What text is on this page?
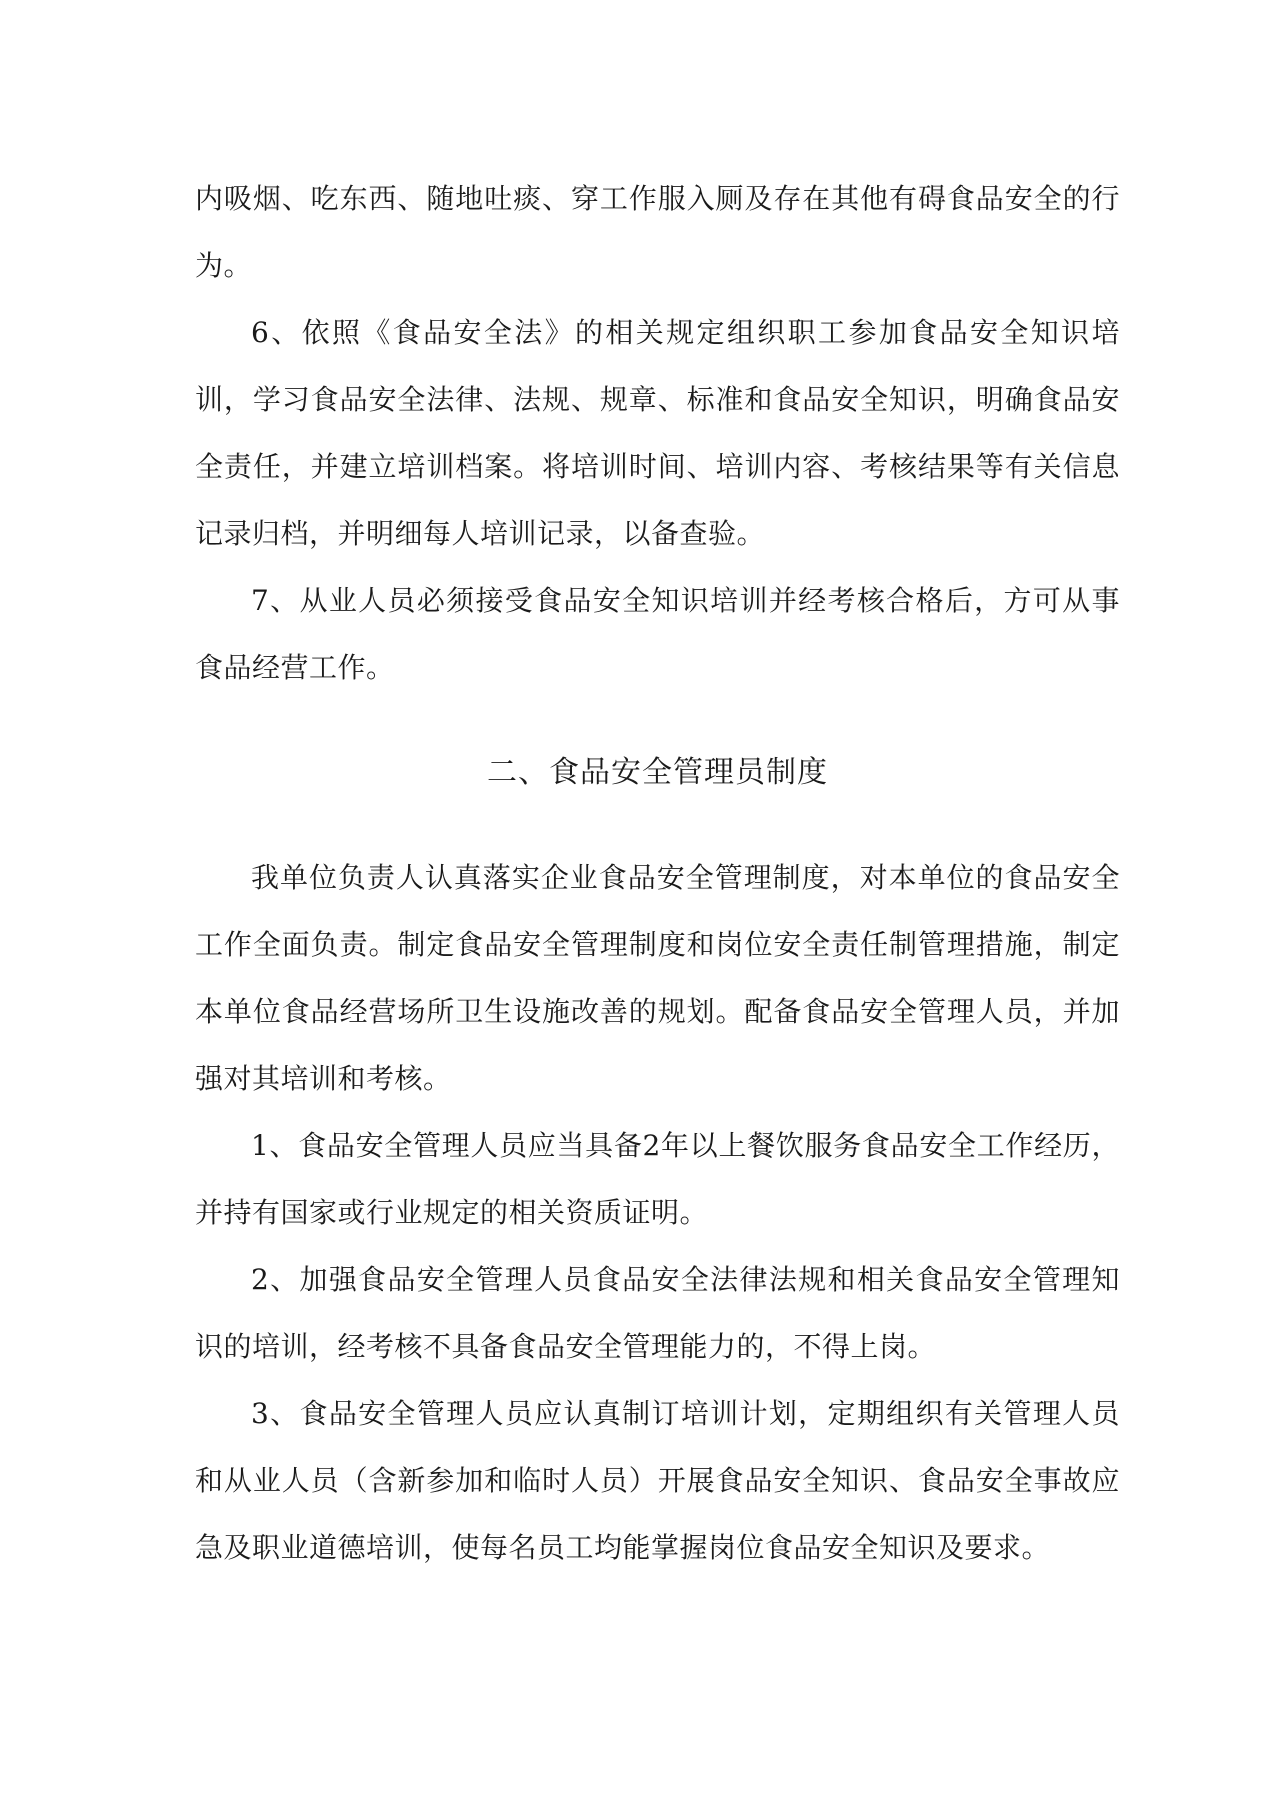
内吸烟、吃东西、随地吐痰、穿工作服入厕及存在其他有碍食品安全的行为。

6、依照《食品安全法》的相关规定组织职工参加食品安全知识培训，学习食品安全法律、法规、规章、标准和食品安全知识，明确食品安全责任，并建立培训档案。将培训时间、培训内容、考核结果等有关信息记录归档，并明细每人培训记录，以备查验。

7、从业人员必须接受食品安全知识培训并经考核合格后，方可从事食品经营工作。

二、食品安全管理员制度

我单位负责人认真落实企业食品安全管理制度，对本单位的食品安全工作全面负责。制定食品安全管理制度和岗位安全责任制管理措施，制定本单位食品经营场所卫生设施改善的规划。配备食品安全管理人员，并加强对其培训和考核。

1、食品安全管理人员应当具备2年以上餐饮服务食品安全工作经历，并持有国家或行业规定的相关资质证明。

2、加强食品安全管理人员食品安全法律法规和相关食品安全管理知识的培训，经考核不具备食品安全管理能力的，不得上岗。

3、食品安全管理人员应认真制订培训计划，定期组织有关管理人员和从业人员（含新参加和临时人员）开展食品安全知识、食品安全事故应急及职业道德培训，使每名员工均能掌握岗位食品安全知识及要求。
